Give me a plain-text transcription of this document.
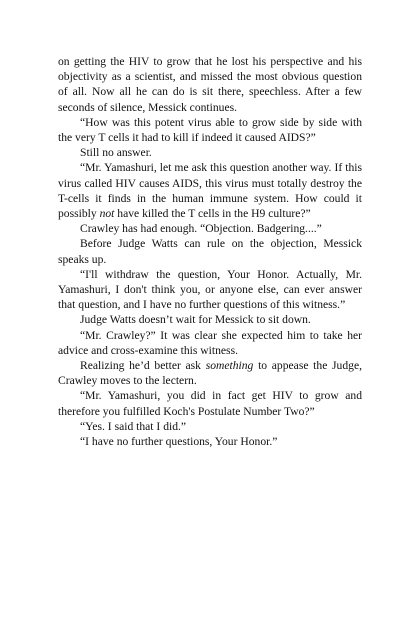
on getting the HIV to grow that he lost his perspective and his objectivity as a scientist, and missed the most obvious question of all. Now all he can do is sit there, speechless. After a few seconds of silence, Messick continues.

“How was this potent virus able to grow side by side with the very T cells it had to kill if indeed it caused AIDS?”

Still no answer.

“Mr. Yamashuri, let me ask this question another way. If this virus called HIV causes AIDS, this virus must totally destroy the T-cells it finds in the human immune system. How could it possibly not have killed the T cells in the H9 culture?”

Crawley has had enough. “Objection. Badgering....”

Before Judge Watts can rule on the objection, Messick speaks up.

“I'll withdraw the question, Your Honor. Actually, Mr. Yamashuri, I don't think you, or anyone else, can ever answer that question, and I have no further questions of this witness.”

Judge Watts doesn’t wait for Messick to sit down.

“Mr. Crawley?” It was clear she expected him to take her advice and cross-examine this witness.

Realizing he’d better ask something to appease the Judge, Crawley moves to the lectern.

“Mr. Yamashuri, you did in fact get HIV to grow and therefore you fulfilled Koch's Postulate Number Two?”

“Yes. I said that I did.”

“I have no further questions, Your Honor.”
